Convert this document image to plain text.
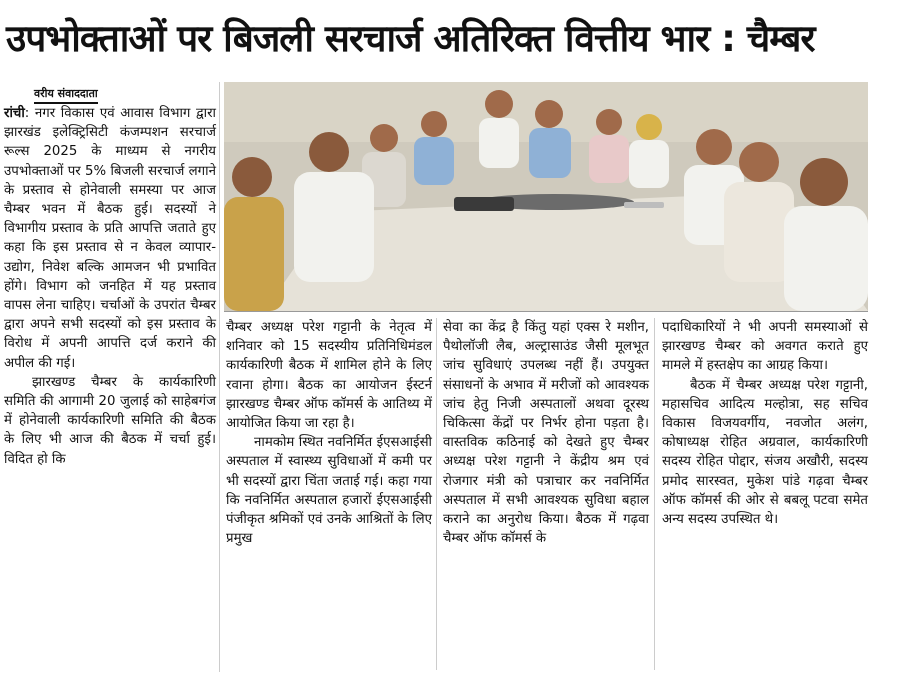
उपभोक्ताओं पर बिजली सरचार्ज अतिरिक्त वित्तीय भार : चैम्बर
वरीय संवाददाता

रांची: नगर विकास एवं आवास विभाग द्वारा झारखंड इलेक्ट्रिसिटी कंजम्पशन सरचार्ज रूल्स 2025 के माध्यम से नगरीय उपभोक्ताओं पर 5% बिजली सरचार्ज लगाने के प्रस्ताव से होनेवाली समस्या पर आज चैम्बर भवन में बैठक हुई। सदस्यों ने विभागीय प्रस्ताव के प्रति आपत्ति जताते हुए कहा कि इस प्रस्ताव से न केवल व्यापार-उद्योग, निवेश बल्कि आमजन भी प्रभावित होंगे। विभाग को जनहित में यह प्रस्ताव वापस लेना चाहिए। चर्चाओं के उपरांत चैम्बर द्वारा अपने सभी सदस्यों को इस प्रस्ताव के विरोध में अपनी आपत्ति दर्ज कराने की अपील की गई।

झारखण्ड चैम्बर के कार्यकारिणी समिति की आगामी 20 जुलाई को साहेबगंज में होनेवाली कार्यकारिणी समिति की बैठक के लिए भी आज की बैठक में चर्चा हुई। विदित हो कि

चैम्बर अध्यक्ष परेश गट्टानी के नेतृत्व में शनिवार को 15 सदस्यीय प्रतिनिधिमंडल कार्यकारिणी बैठक में शामिल होने के लिए रवाना होगा। बैठक का आयोजन ईस्टर्न झारखण्ड चैम्बर ऑफ कॉमर्स के आतिथ्य में आयोजित किया जा रहा है।

नामकोम स्थित नवनिर्मित ईएसआईसी अस्पताल में स्वास्थ्य सुविधाओं में कमी पर भी सदस्यों द्वारा चिंता जताई गई। कहा गया कि नवनिर्मित अस्पताल हजारों ईएसआईसी पंजीकृत श्रमिकों एवं उनके आश्रितों के लिए प्रमुख

सेवा का केंद्र है किंतु यहां एक्स रे मशीन, पैथोलॉजी लैब, अल्ट्रासाउंड जैसी मूलभूत जांच सुविधाएं उपलब्ध नहीं हैं। उपयुक्त संसाधनों के अभाव में मरीजों को आवश्यक जांच हेतु निजी अस्पतालों अथवा दूरस्थ चिकित्सा केंद्रों पर निर्भर होना पड़ता है। वास्तविक कठिनाई को देखते हुए चैम्बर अध्यक्ष परेश गट्टानी ने केंद्रीय श्रम एवं रोजगार मंत्री को पत्राचार कर नवनिर्मित अस्पताल में सभी आवश्यक सुविधा बहाल कराने का अनुरोध किया। बैठक में गढ़वा चैम्बर ऑफ कॉमर्स के

पदाधिकारियों ने भी अपनी समस्याओं से झारखण्ड चैम्बर को अवगत कराते हुए मामले में हस्तक्षेप का आग्रह किया।

बैठक में चैम्बर अध्यक्ष परेश गट्टानी, महासचिव आदित्य मल्होत्रा, सह सचिव विकास विजयवर्गीय, नवजोत अलंग, कोषाध्यक्ष रोहित अग्रवाल, कार्यकारिणी सदस्य रोहित पोद्दार, संजय अखौरी, सदस्य प्रमोद सारस्वत, मुकेश पांडे गढ़वा चैम्बर ऑफ कॉमर्स की ओर से बबलू पटवा समेत अन्य सदस्य उपस्थित थे।
